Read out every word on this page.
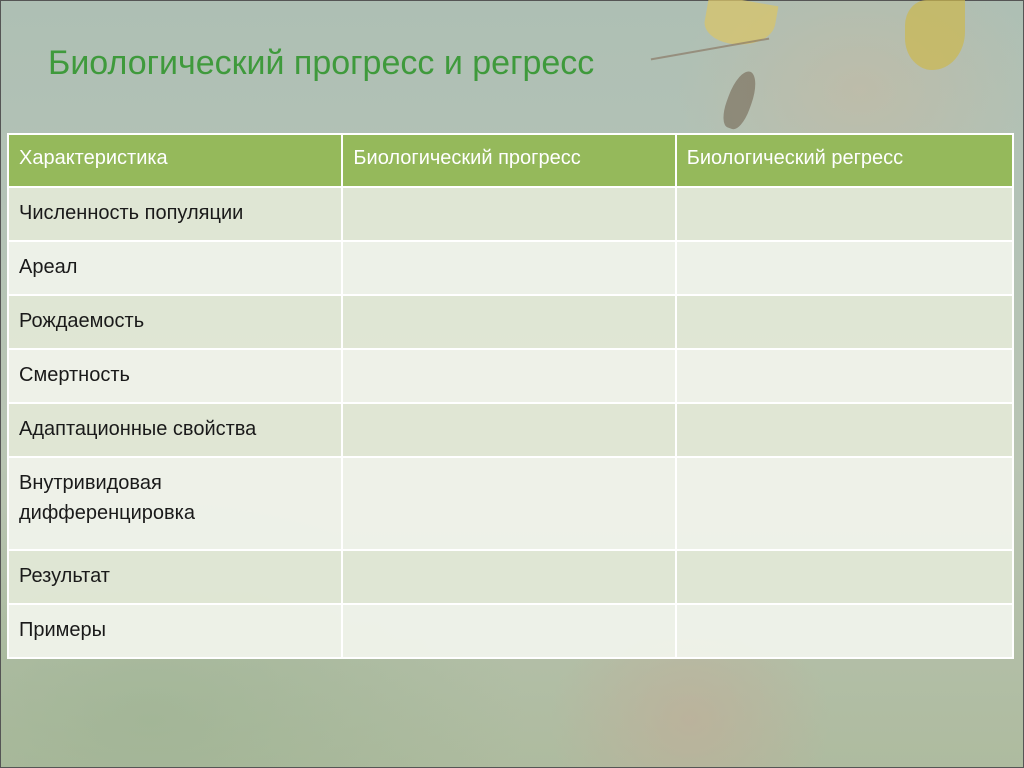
Биологический прогресс и регресс
Характеристика	Биологический прогресс	Биологический регресс
Численность популяции		
Ареал		
Рождаемость		
Смертность		
Адаптационные свойства		
Внутривидовая дифференцировка		
Результат		
Примеры		
